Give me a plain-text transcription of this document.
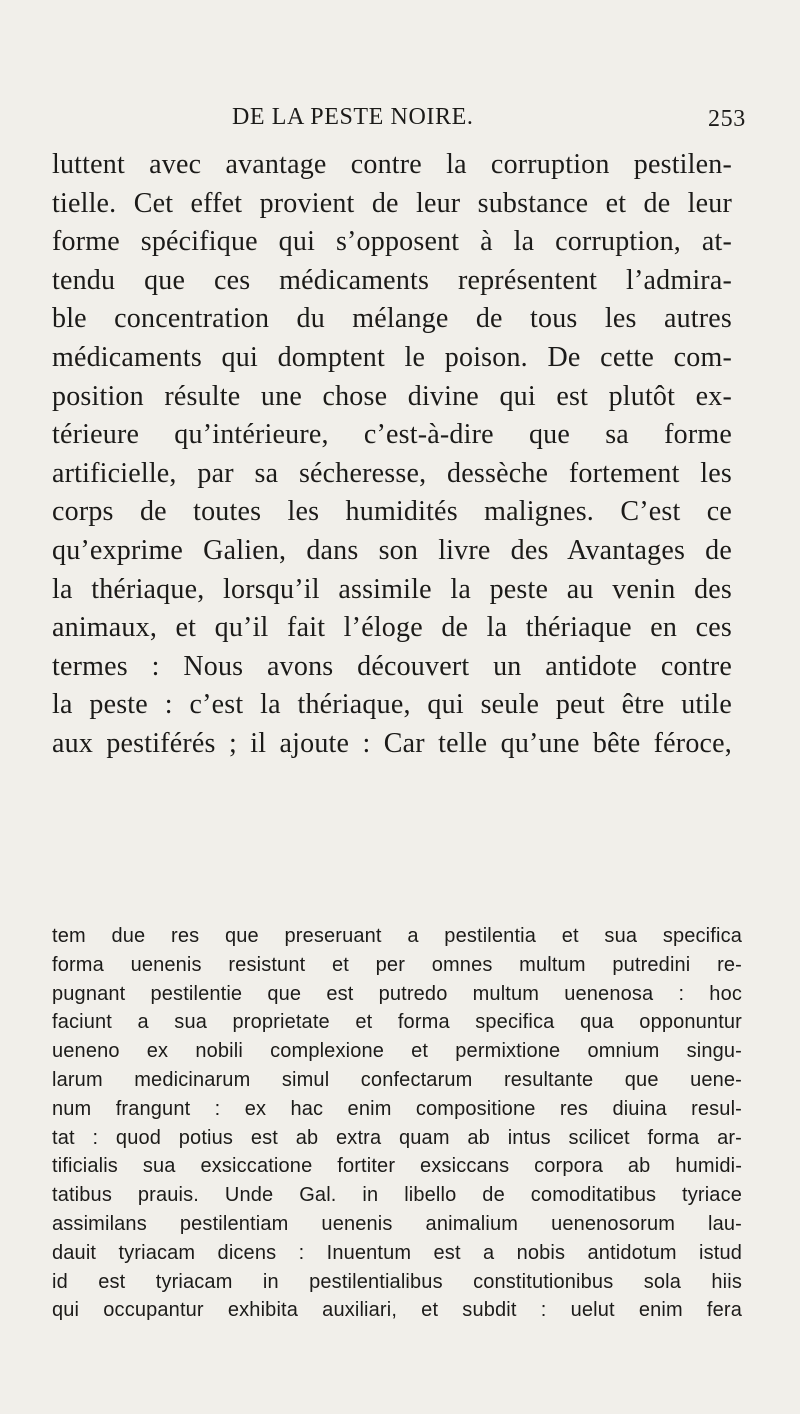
DE LA PESTE NOIRE.	253
luttent avec avantage contre la corruption pestilen-
tielle. Cet effet provient de leur substance et de leur
forme spécifique qui s’opposent à la corruption, at-
tendu que ces médicaments représentent l’admira-
ble concentration du mélange de tous les autres
médicaments qui domptent le poison. De cette com-
position résulte une chose divine qui est plutôt ex-
térieure qu’intérieure, c’est-à-dire que sa forme
artificielle, par sa sécheresse, dessèche fortement les
corps de toutes les humidités malignes. C’est ce
qu’exprime Galien, dans son livre des Avantages de
la thériaque, lorsqu’il assimile la peste au venin des
animaux, et qu’il fait l’éloge de la thériaque en ces
termes : Nous avons découvert un antidote contre
la peste : c’est la thériaque, qui seule peut être utile
aux pestiférés ; il ajoute : Car telle qu’une bête féroce,
tem due res que preseruant a pestilentia et sua specifica
forma uenenis resistunt et per omnes multum putredini re-
pugnant pestilentie que est putredo multum uenenosa : hoc
faciunt a sua proprietate et forma specifica qua opponuntur
ueneno ex nobili complexione et permixtione omnium singu-
larum medicinarum simul confectarum resultante que uene-
num frangunt : ex hac enim compositione res diuina resul-
tat : quod potius est ab extra quam ab intus scilicet forma ar-
tificialis sua exsiccatione fortiter exsiccans corpora ab humidi-
tatibus prauis. Unde Gal. in libello de comoditatibus tyriace
assimilans pestilentiam uenenis animalium uenenosorum lau-
dauit tyriacam dicens : Inuentum est a nobis antidotum istud
id est tyriacam in pestilentialibus constitutionibus sola hiis
qui occupantur exhibita auxiliari, et subdit : uelut enim fera
